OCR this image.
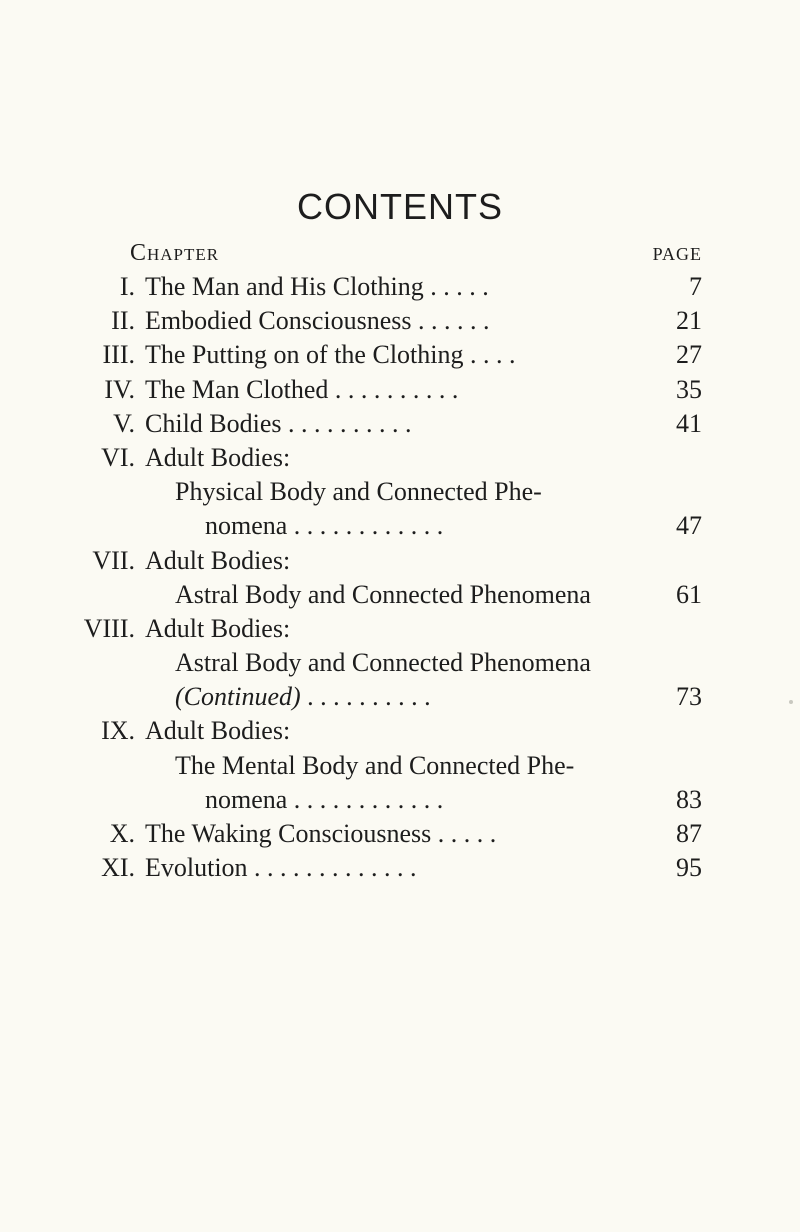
CONTENTS
Chapter	PAGE
I. The Man and His Clothing . . . . .	7
II. Embodied Consciousness . . . . . .	21
III. The Putting on of the Clothing . . . .	27
IV. The Man Clothed . . . . . . . . . .	35
V. Child Bodies . . . . . . . . . .	41
VI. Adult Bodies:
Physical Body and Connected Phe-
nomena . . . . . . . . . . . .	47
VII. Adult Bodies:
Astral Body and Connected Phenomena	61
VIII. Adult Bodies:
Astral Body and Connected Phenomena
(Continued) . . . . . . . . . .	73
IX. Adult Bodies:
The Mental Body and Connected Phe-
nomena . . . . . . . . . . . .	83
X. The Waking Consciousness . . . . .	87
XI. Evolution . . . . . . . . . . . . .	95
